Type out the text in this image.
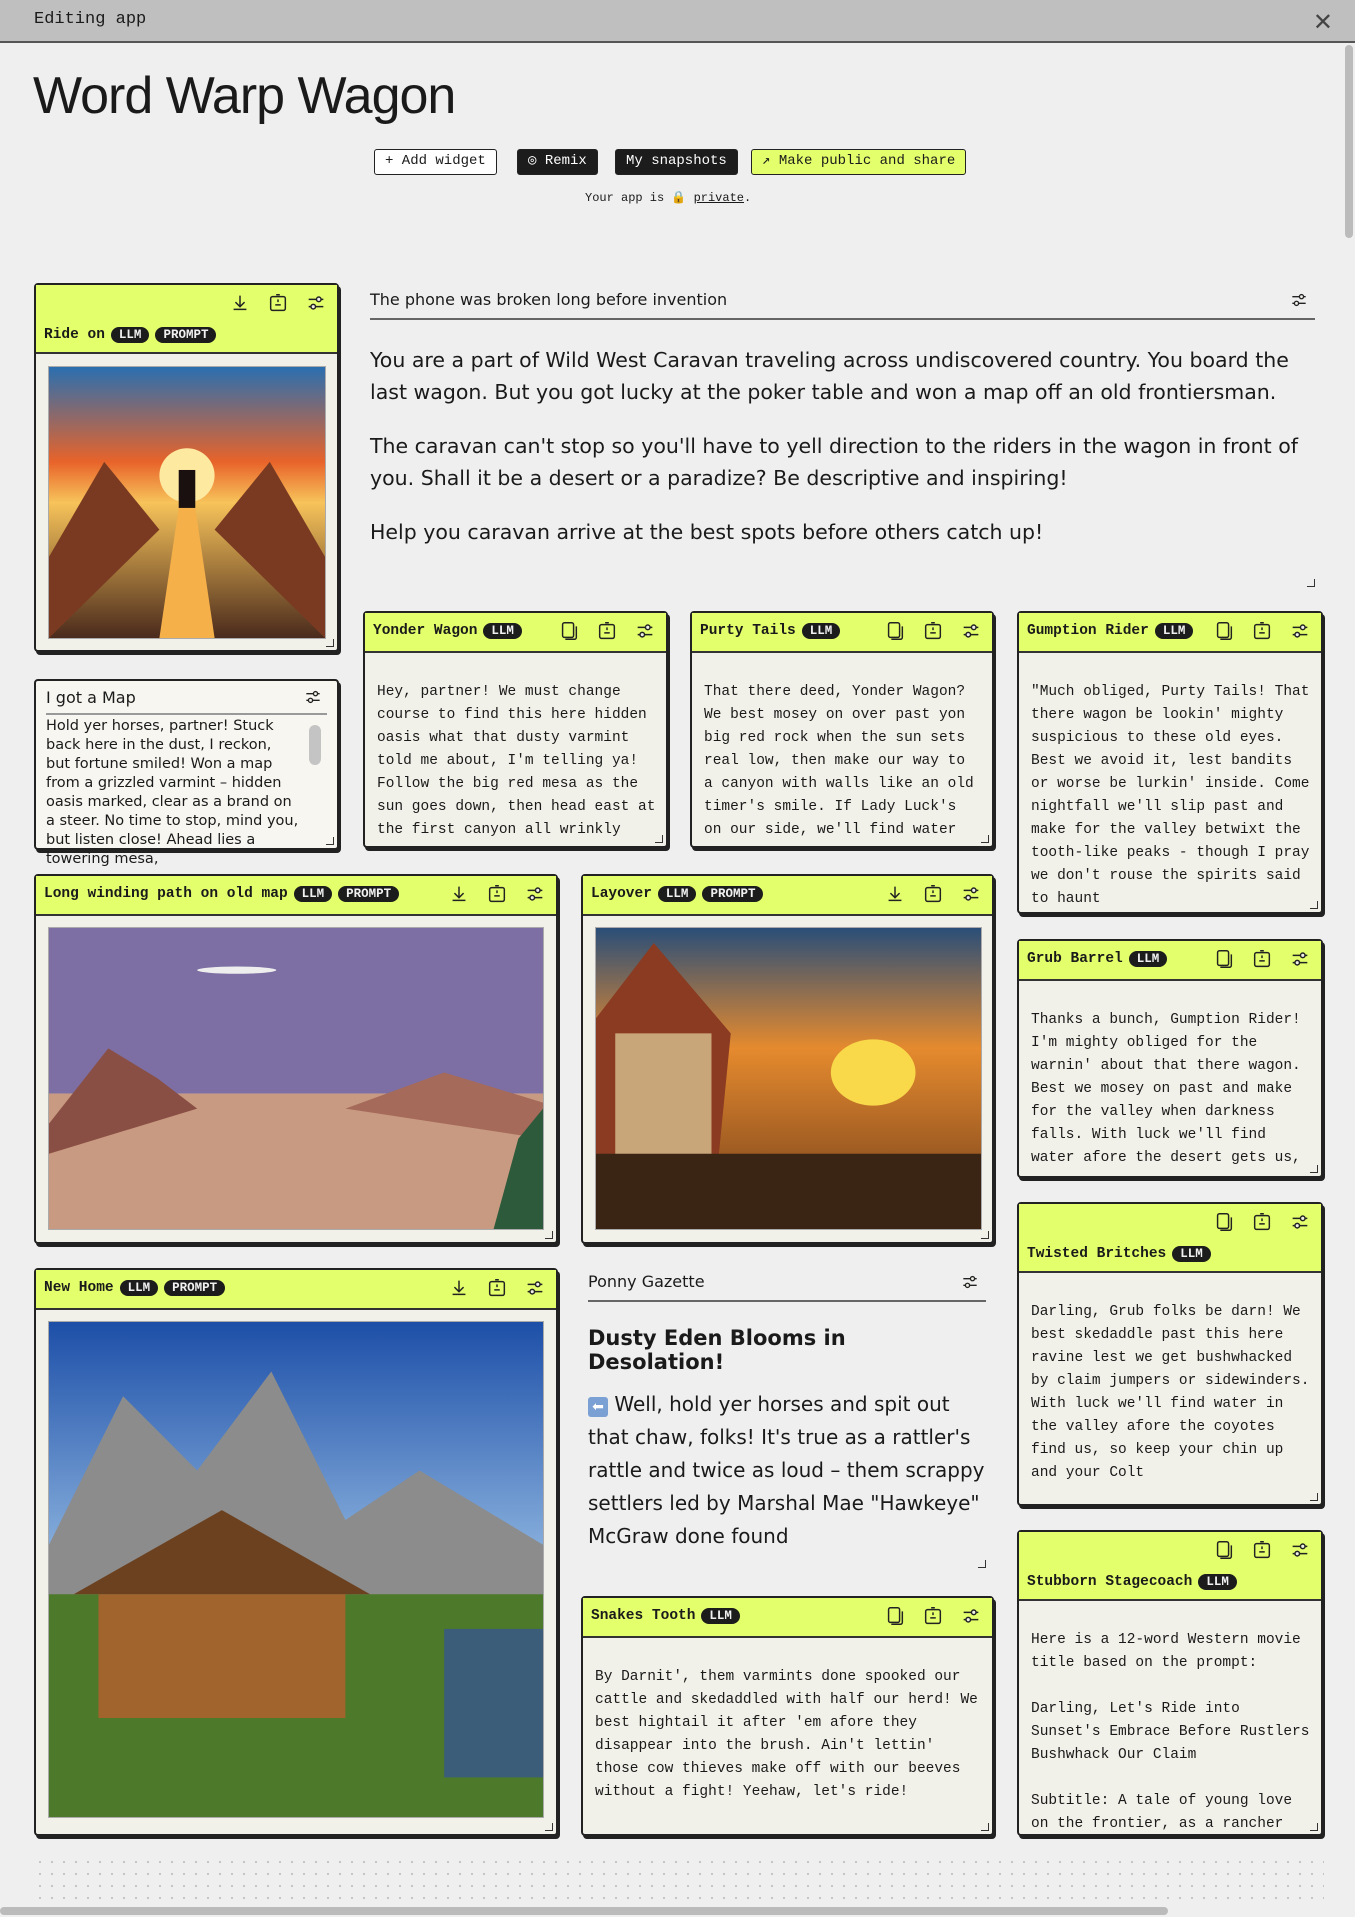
Editing app	✕
Word Warp Wagon
+ Add widget	◎ Remix	My snapshots	↗ Make public and share
Your app is 🔒 private.
Ride on	LLM	PROMPT
The phone was broken long before invention

You are a part of Wild West Caravan traveling across undiscovered country. You board the last wagon. But you got lucky at the poker table and won a map off an old frontiersman.

The caravan can't stop so you'll have to yell direction to the riders in the wagon in front of you. Shall it be a desert or a paradize? Be descriptive and inspiring!

Help you caravan arrive at the best spots before others catch up!

I got a Map
Hold yer horses, partner! Stuck back here in the dust, I reckon, but fortune smiled! Won a map from a grizzled varmint – hidden oasis marked, clear as a brand on a steer. No time to stop, mind you, but listen close! Ahead lies a towering mesa,
Yonder Wagon	LLM
Hey, partner! We must change course to find this here hidden oasis what that dusty varmint told me about, I'm telling ya! Follow the big red mesa as the sun goes down, then head east at the first canyon all wrinkly
Purty Tails	LLM
That there deed, Yonder Wagon? We best mosey on over past yon big red rock when the sun sets real low, then make our way to a canyon with walls like an old timer's smile. If Lady Luck's on our side, we'll find water
Gumption Rider	LLM
"Much obliged, Purty Tails! That there wagon be lookin' mighty suspicious to these old eyes. Best we avoid it, lest bandits or worse be lurkin' inside. Come nightfall we'll slip past and make for the valley betwixt the tooth-like peaks - though I pray we don't rouse the spirits said to haunt
Long winding path on old map	LLM	PROMPT	Layover	LLM	PROMPT
Grub Barrel	LLM
Thanks a bunch, Gumption Rider! I'm mighty obliged for the warnin' about that there wagon. Best we mosey on past and make for the valley when darkness falls. With luck we'll find water afore the desert gets us,
Twisted Britches	LLM
Darling, Grub folks be darn! We best skedaddle past this here ravine lest we get bushwhacked by claim jumpers or sidewinders. With luck we'll find water in the valley afore the coyotes find us, so keep your chin up and your Colt
New Home	LLM	PROMPT	Ponny Gazette
Dusty Eden Blooms in Desolation!
⬅ Well, hold yer horses and spit out that chaw, folks! It's true as a rattler's rattle and twice as loud – them scrappy settlers led by Marshal Mae "Hawkeye" McGraw done found
Snakes Tooth	LLM
By Darnit', them varmints done spooked our cattle and skedaddled with half our herd! We best hightail it after 'em afore they disappear into the brush. Ain't lettin' those cow thieves make off with our beeves without a fight! Yeehaw, let's ride!
Stubborn Stagecoach	LLM
Here is a 12-word Western movie title based on the prompt:

Darling, Let's Ride into Sunset's Embrace Before Rustlers Bushwhack Our Claim

Subtitle: A tale of young love on the frontier, as a rancher
